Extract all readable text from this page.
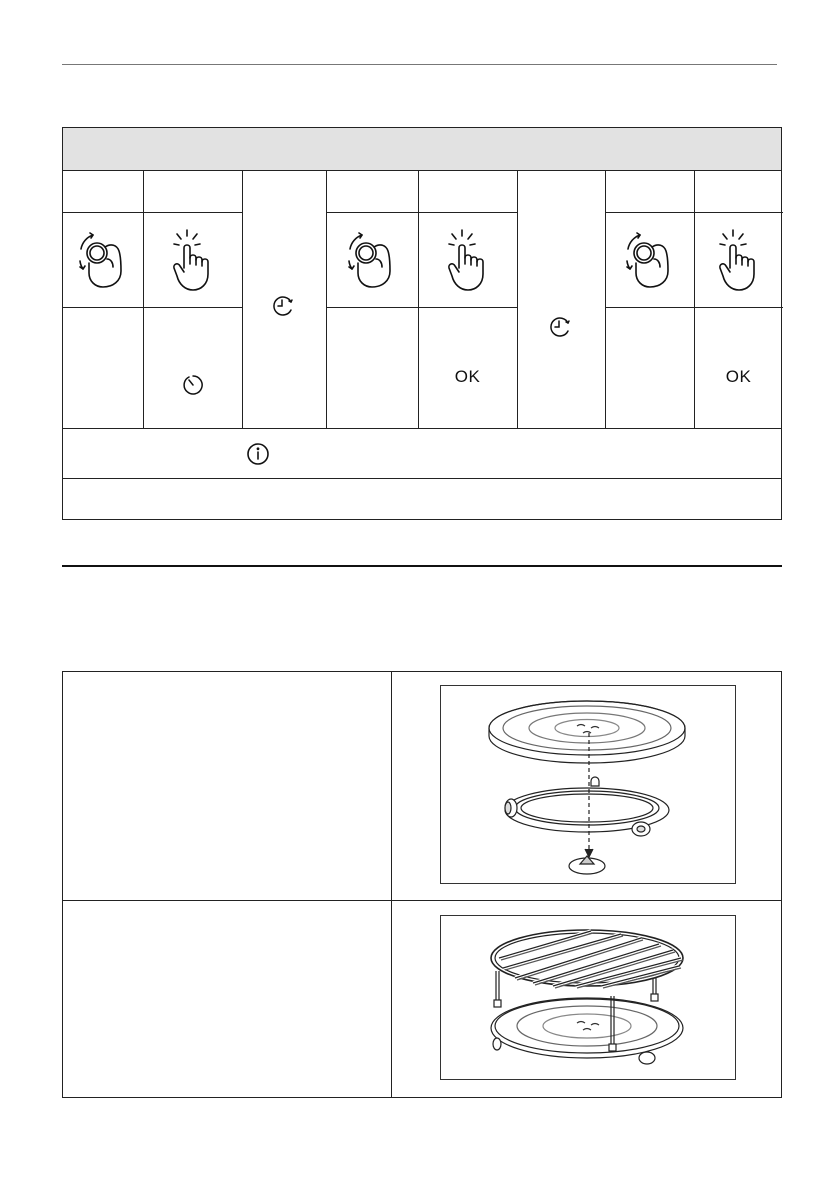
OK	OK
